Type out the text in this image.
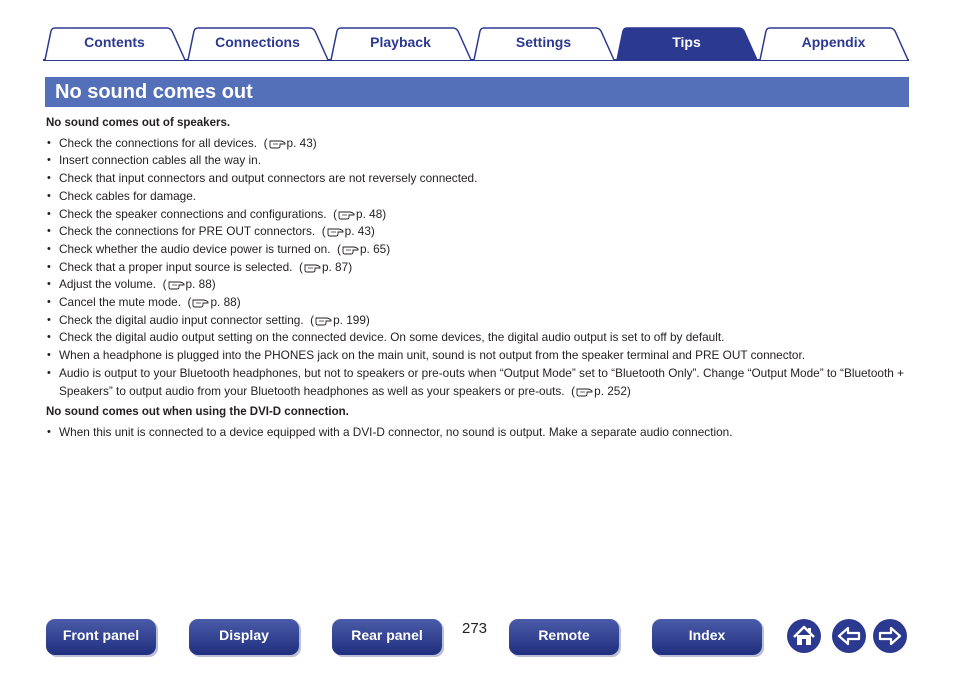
Contents	Connections	Playback	Settings	Tips	Appendix
No sound comes out
No sound comes out of speakers.
• Check the connections for all devices.  ( p. 43)
• Insert connection cables all the way in.
• Check that input connectors and output connectors are not reversely connected.
• Check cables for damage.
• Check the speaker connections and configurations.  ( p. 48)
• Check the connections for PRE OUT connectors.  ( p. 43)
• Check whether the audio device power is turned on.  ( p. 65)
• Check that a proper input source is selected.  ( p. 87)
• Adjust the volume.  ( p. 88)
• Cancel the mute mode.  ( p. 88)
• Check the digital audio input connector setting.  ( p. 199)
• Check the digital audio output setting on the connected device. On some devices, the digital audio output is set to off by default.
• When a headphone is plugged into the PHONES jack on the main unit, sound is not output from the speaker terminal and PRE OUT connector.
• Audio is output to your Bluetooth headphones, but not to speakers or pre-outs when “Output Mode” set to “Bluetooth Only”. Change “Output Mode” to “Bluetooth + Speakers” to output audio from your Bluetooth headphones as well as your speakers or pre-outs.  ( p. 252)
No sound comes out when using the DVI-D connection.
• When this unit is connected to a device equipped with a DVI-D connector, no sound is output. Make a separate audio connection.
273
Front panel	Display	Rear panel	Remote	Index
